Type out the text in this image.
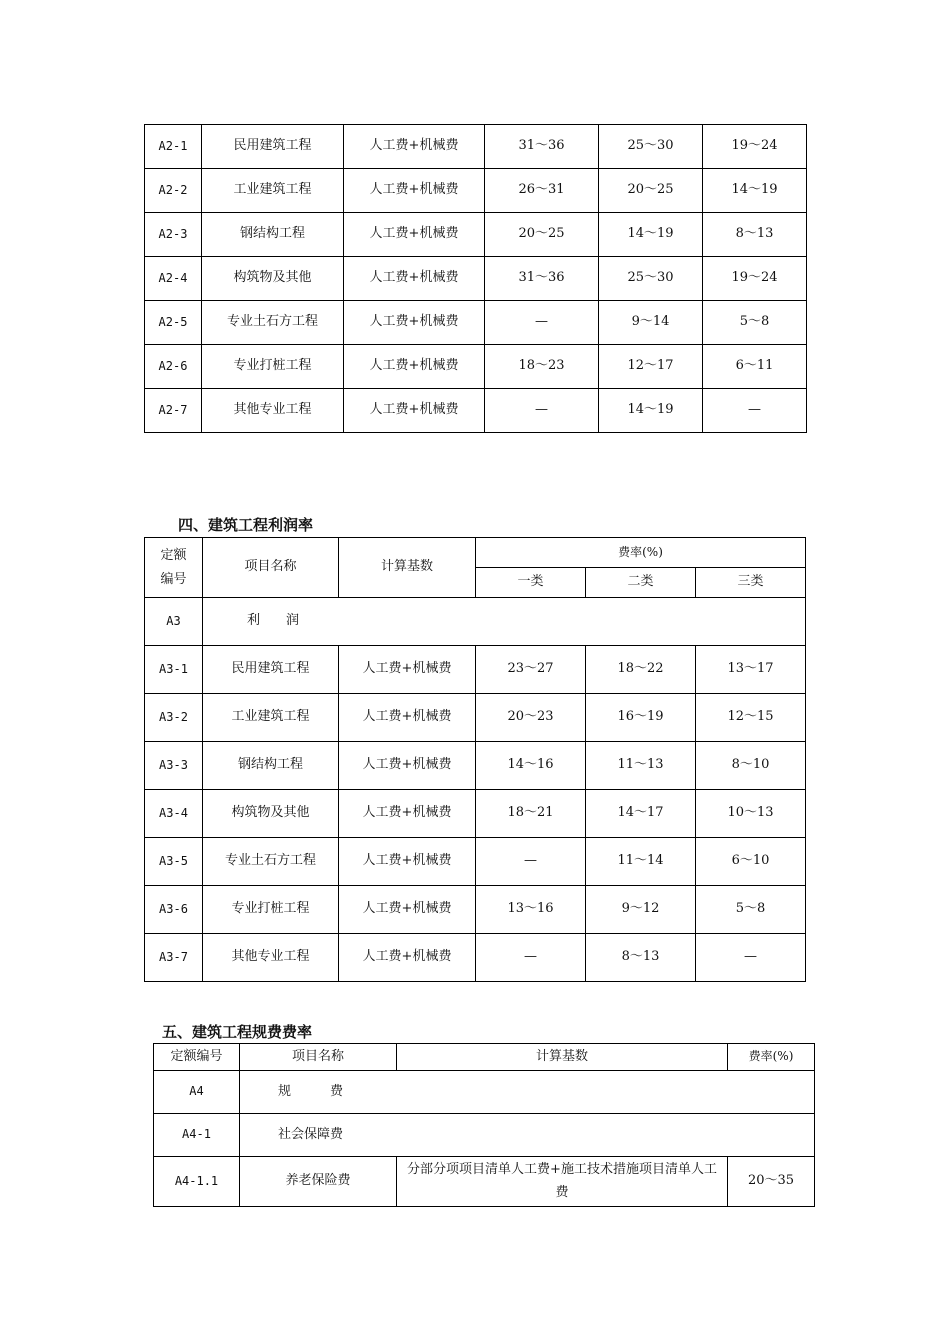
A2-1	民用建筑工程	人工费+机械费	31～36	25～30	19～24
A2-2	工业建筑工程	人工费+机械费	26～31	20～25	14～19
A2-3	钢结构工程	人工费+机械费	20～25	14～19	8～13
A2-4	构筑物及其他	人工费+机械费	31～36	25～30	19～24
A2-5	专业土石方工程	人工费+机械费	—	9～14	5～8
A2-6	专业打桩工程	人工费+机械费	18～23	12～17	6～11
A2-7	其他专业工程	人工费+机械费	—	14～19	—
四、建筑工程利润率
定额
编号	项目名称	计算基数	费率(%)		
			一类	二类	三类
A3	利　　润				
A3-1	民用建筑工程	人工费+机械费	23～27	18～22	13～17
A3-2	工业建筑工程	人工费+机械费	20～23	16～19	12～15
A3-3	钢结构工程	人工费+机械费	14～16	11～13	8～10
A3-4	构筑物及其他	人工费+机械费	18～21	14～17	10～13
A3-5	专业土石方工程	人工费+机械费	—	11～14	6～10
A3-6	专业打桩工程	人工费+机械费	13～16	9～12	5～8
A3-7	其他专业工程	人工费+机械费	—	8～13	—
五、建筑工程规费费率
定额编号	项目名称	计算基数	费率(%)
A4	规　　　费		
A4-1	社会保障费		
A4-1.1	养老保险费	分部分项项目清单人工费+施工技术措施项目清单人工费	20～35
